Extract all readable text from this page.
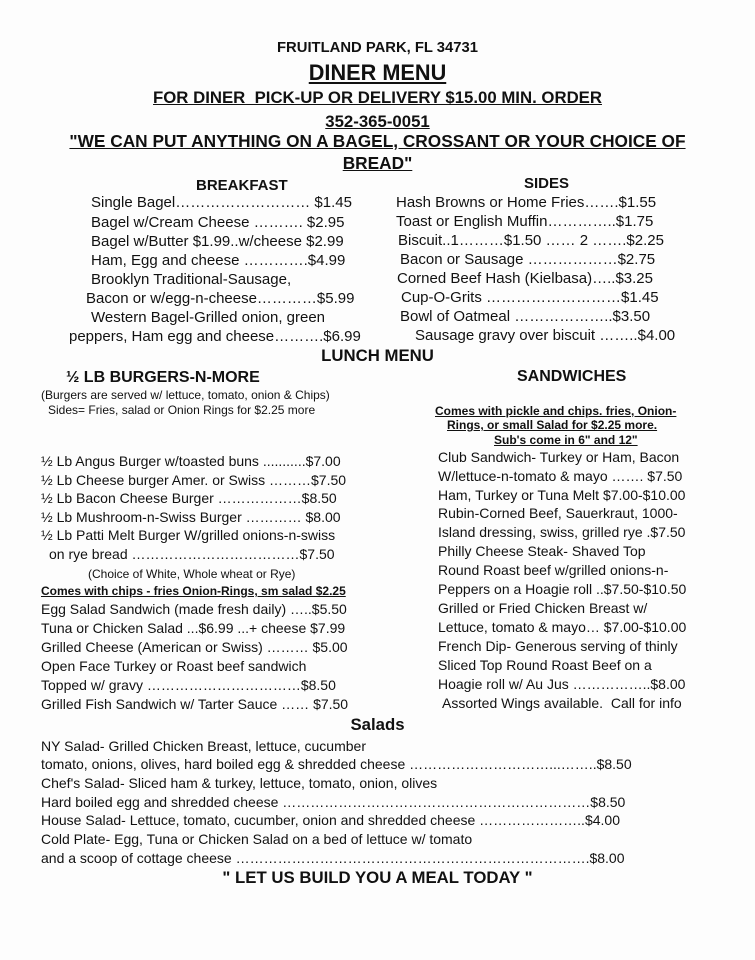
FRUITLAND PARK, FL 34731
DINER MENU
FOR DINER  PICK-UP OR DELIVERY $15.00 MIN. ORDER
352-365-0051
"WE CAN PUT ANYTHING ON A BAGEL, CROSSANT OR YOUR CHOICE OF
BREAD"
BREAKFAST
Single Bagel……………………… $1.45
Bagel w/Cream Cheese ………. $2.95
Bagel w/Butter $1.99..w/cheese $2.99
Ham, Egg and cheese ………….$4.99
Brooklyn Traditional-Sausage,
Bacon or w/egg-n-cheese…………$5.99
Western Bagel-Grilled onion, green
peppers, Ham egg and cheese……….$6.99
SIDES
Hash Browns or Home Fries…….$1.55
Toast or English Muffin…………..$1.75
Biscuit..1………$1.50 …… 2 …….$2.25
Bacon or Sausage ………………$2.75
Corned Beef Hash (Kielbasa)…..$3.25
Cup-O-Grits ………………………$1.45
Bowl of Oatmeal ………………..$3.50
Sausage gravy over biscuit ……..$4.00
LUNCH MENU
½ LB BURGERS-N-MORE
(Burgers are served w/ lettuce, tomato, onion & Chips)
Sides= Fries, salad or Onion Rings for $2.25 more
½ Lb Angus Burger w/toasted buns ...........$7.00
½ Lb Cheese burger Amer. or Swiss ………$7.50
½ Lb Bacon Cheese Burger ………………$8.50
½ Lb Mushroom-n-Swiss Burger ………… $8.00
½ Lb Patti Melt Burger W/grilled onions-n-swiss
on rye bread ………………………………$7.50
(Choice of White, Whole wheat or Rye)
Comes with chips - fries Onion-Rings, sm salad $2.25
Egg Salad Sandwich (made fresh daily) …..$5.50
Tuna or Chicken Salad ...$6.99 ...+ cheese $7.99
Grilled Cheese (American or Swiss) ……… $5.00
Open Face Turkey or Roast beef sandwich
Topped w/ gravy ……………………………$8.50
Grilled Fish Sandwich w/ Tarter Sauce …… $7.50
SANDWICHES
Comes with pickle and chips. fries, Onion-
Rings, or small Salad for $2.25 more.
Sub's come in 6" and 12"
Club Sandwich- Turkey or Ham, Bacon
W/lettuce-n-tomato & mayo ……. $7.50
Ham, Turkey or Tuna Melt $7.00-$10.00
Rubin-Corned Beef, Sauerkraut, 1000-
Island dressing, swiss, grilled rye .$7.50
Philly Cheese Steak- Shaved Top
Round Roast beef w/grilled onions-n-
Peppers on a Hoagie roll ..$7.50-$10.50
Grilled or Fried Chicken Breast w/
Lettuce, tomato & mayo… $7.00-$10.00
French Dip- Generous serving of thinly
Sliced Top Round Roast Beef on a
Hoagie roll w/ Au Jus ……………..$8.00
Assorted Wings available.  Call for info
Salads
NY Salad- Grilled Chicken Breast, lettuce, cucumber
tomato, onions, olives, hard boiled egg & shredded cheese …………………………...……..$8.50
Chef's Salad- Sliced ham & turkey, lettuce, tomato, onion, olives
Hard boiled egg and shredded cheese …………………………………………………………$8.50
House Salad- Lettuce, tomato, cucumber, onion and shredded cheese …………………..$4.00
Cold Plate- Egg, Tuna or Chicken Salad on a bed of lettuce w/ tomato
and a scoop of cottage cheese ………………………………………………………………….$8.00
" LET US BUILD YOU A MEAL TODAY "
